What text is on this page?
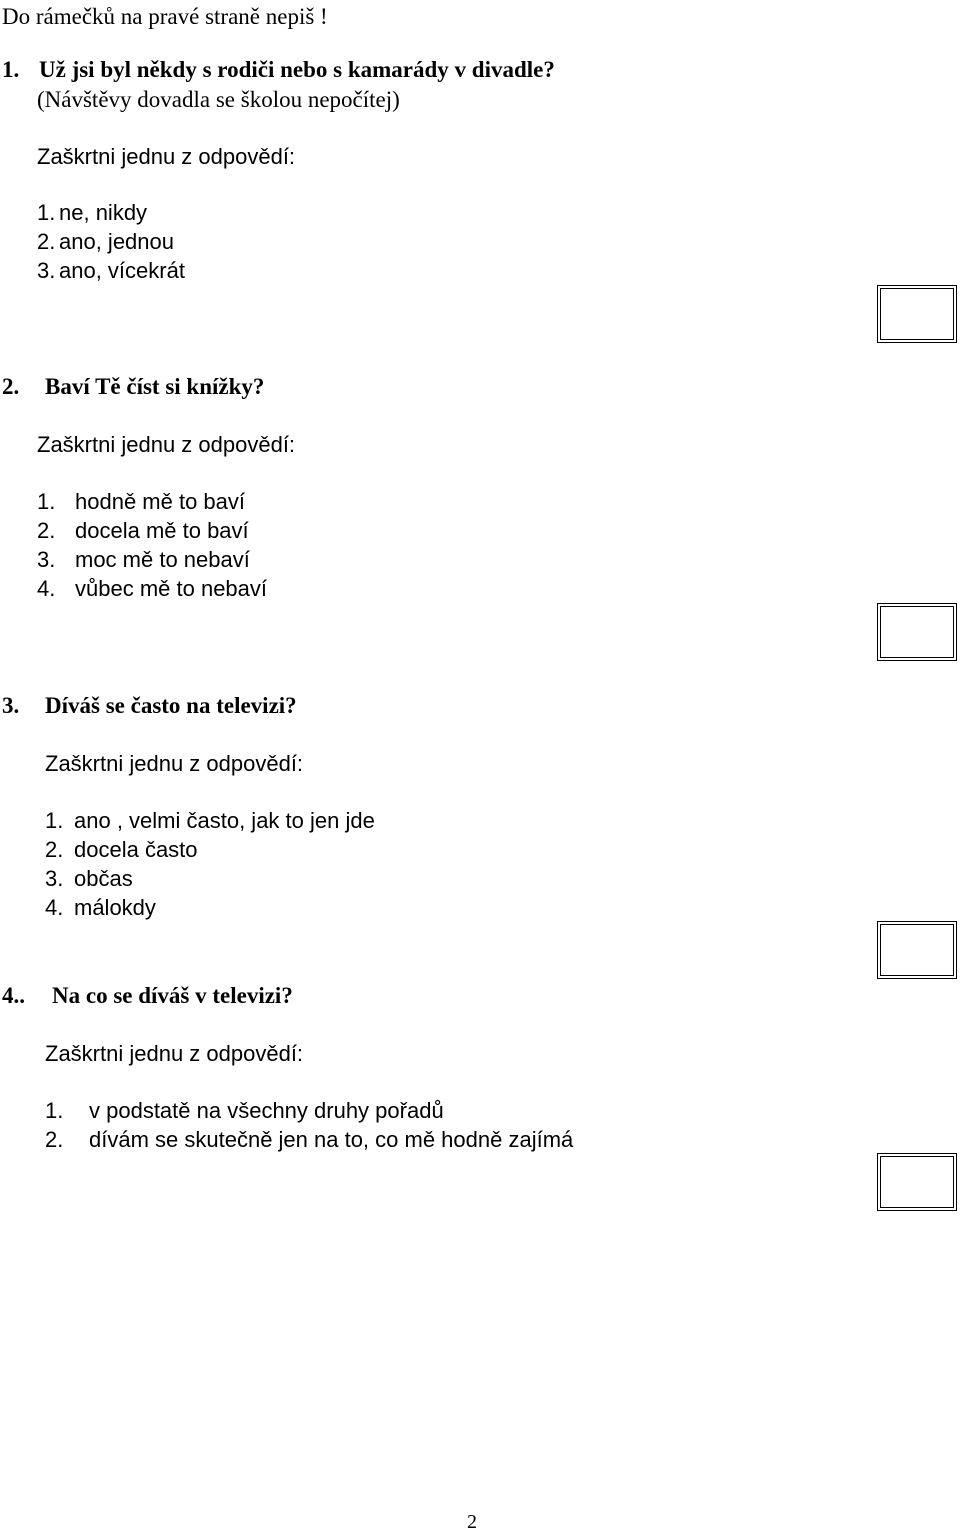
Do rámečků na pravé straně nepiš !

1. Už jsi byl někdy s rodiči nebo s kamarády v divadle?

(Návštěvy dovadla se školou nepočítej)

Zaškrtni jednu z odpovědí:

1. ne, nikdy

2. ano, jednou

3. ano, vícekrát

2. Baví Tě číst si knížky?

Zaškrtni jednu z odpovědí:

1. hodně mě to baví

2. docela mě to baví

3. moc mě to nebaví

4. vůbec mě to nebaví

3. Díváš se často na televizi?

Zaškrtni jednu z odpovědí:

1. ano , velmi často, jak to jen jde

2. docela často

3. občas

4. málokdy

4.. Na co se díváš v televizi?

Zaškrtni jednu z odpovědí:

1. v podstatě na všechny druhy pořadů

2. dívám se skutečně jen na to, co mě hodně zajímá

2
